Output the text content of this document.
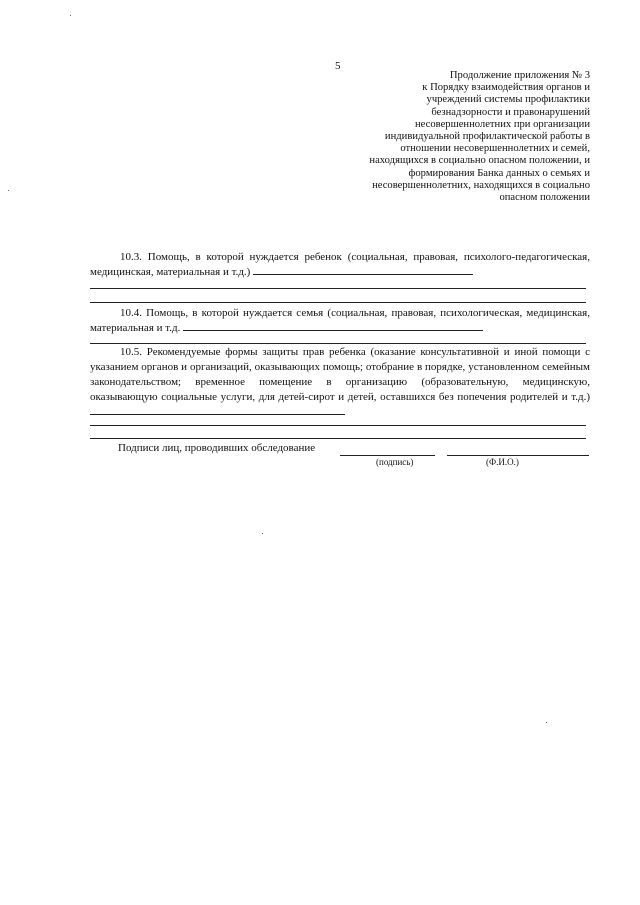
5
Продолжение приложения № 3
к Порядку взаимодействия органов и
учреждений системы профилактики
безнадзорности и правонарушений
несовершеннолетних при организации
индивидуальной профилактической работы в
отношении несовершеннолетних и семей,
находящихся в социально опасном положении, и
формирования Банка данных о семьях и
несовершеннолетних, находящихся в социально
опасном положении
10.3. Помощь, в которой нуждается ребенок (социальная, правовая, психолого-педагогическая, медицинская, материальная и т.д.)
10.4. Помощь, в которой нуждается семья (социальная, правовая, психологическая, медицинская, материальная и т.д.
10.5. Рекомендуемые формы защиты прав ребенка (оказание консультативной и иной помощи с указанием органов и организаций, оказывающих помощь; отобрание в порядке, установленном семейным законодательством; временное помещение в организацию (образовательную, медицинскую, оказывающую социальные услуги, для детей-сирот и детей, оставшихся без попечения родителей и т.д.)
Подписи лиц, проводивших обследование
(подпись)	(Ф.И.О.)
